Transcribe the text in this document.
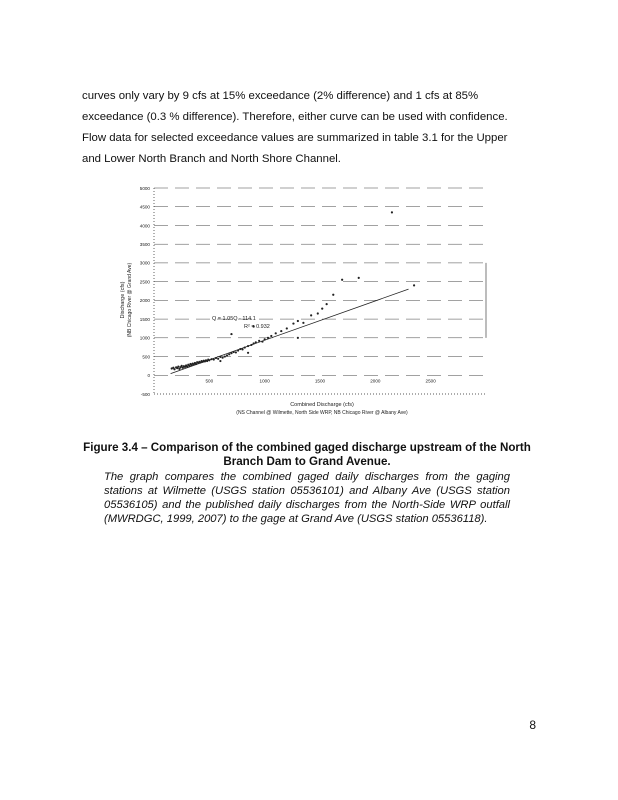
curves only vary by 9 cfs at 15% exceedance (2% difference) and 1 cfs at 85%
exceedance (0.3 % difference). Therefore, either curve can be used with confidence.
Flow data for selected exceedance values are summarized in table 3.1 for the Upper
and Lower North Branch and North Shore Channel.

-500
0
500
1000
1500
2000
2500
3000
3500
4000
4500
5000
500	1000	1500	2000	2500
Q = 1.05Q - 114.1
R² = 0.932
Combined Discharge (cfs)
(NS Channel @ Wilmette, North Side WRP, NB Chicago River @ Albany Ave)
Discharge (cfs) (NB Chicago River @ Grand Ave)

Figure 3.4 – Comparison of the combined gaged discharge upstream of the North Branch Dam to Grand Avenue.

The graph compares the combined gaged daily discharges from the gaging stations at Wilmette (USGS station 05536101) and Albany Ave (USGS station 05536105) and the published daily discharges from the North-Side WRP outfall (MWRDGC, 1999, 2007) to the gage at Grand Ave (USGS station 05536118).

8
